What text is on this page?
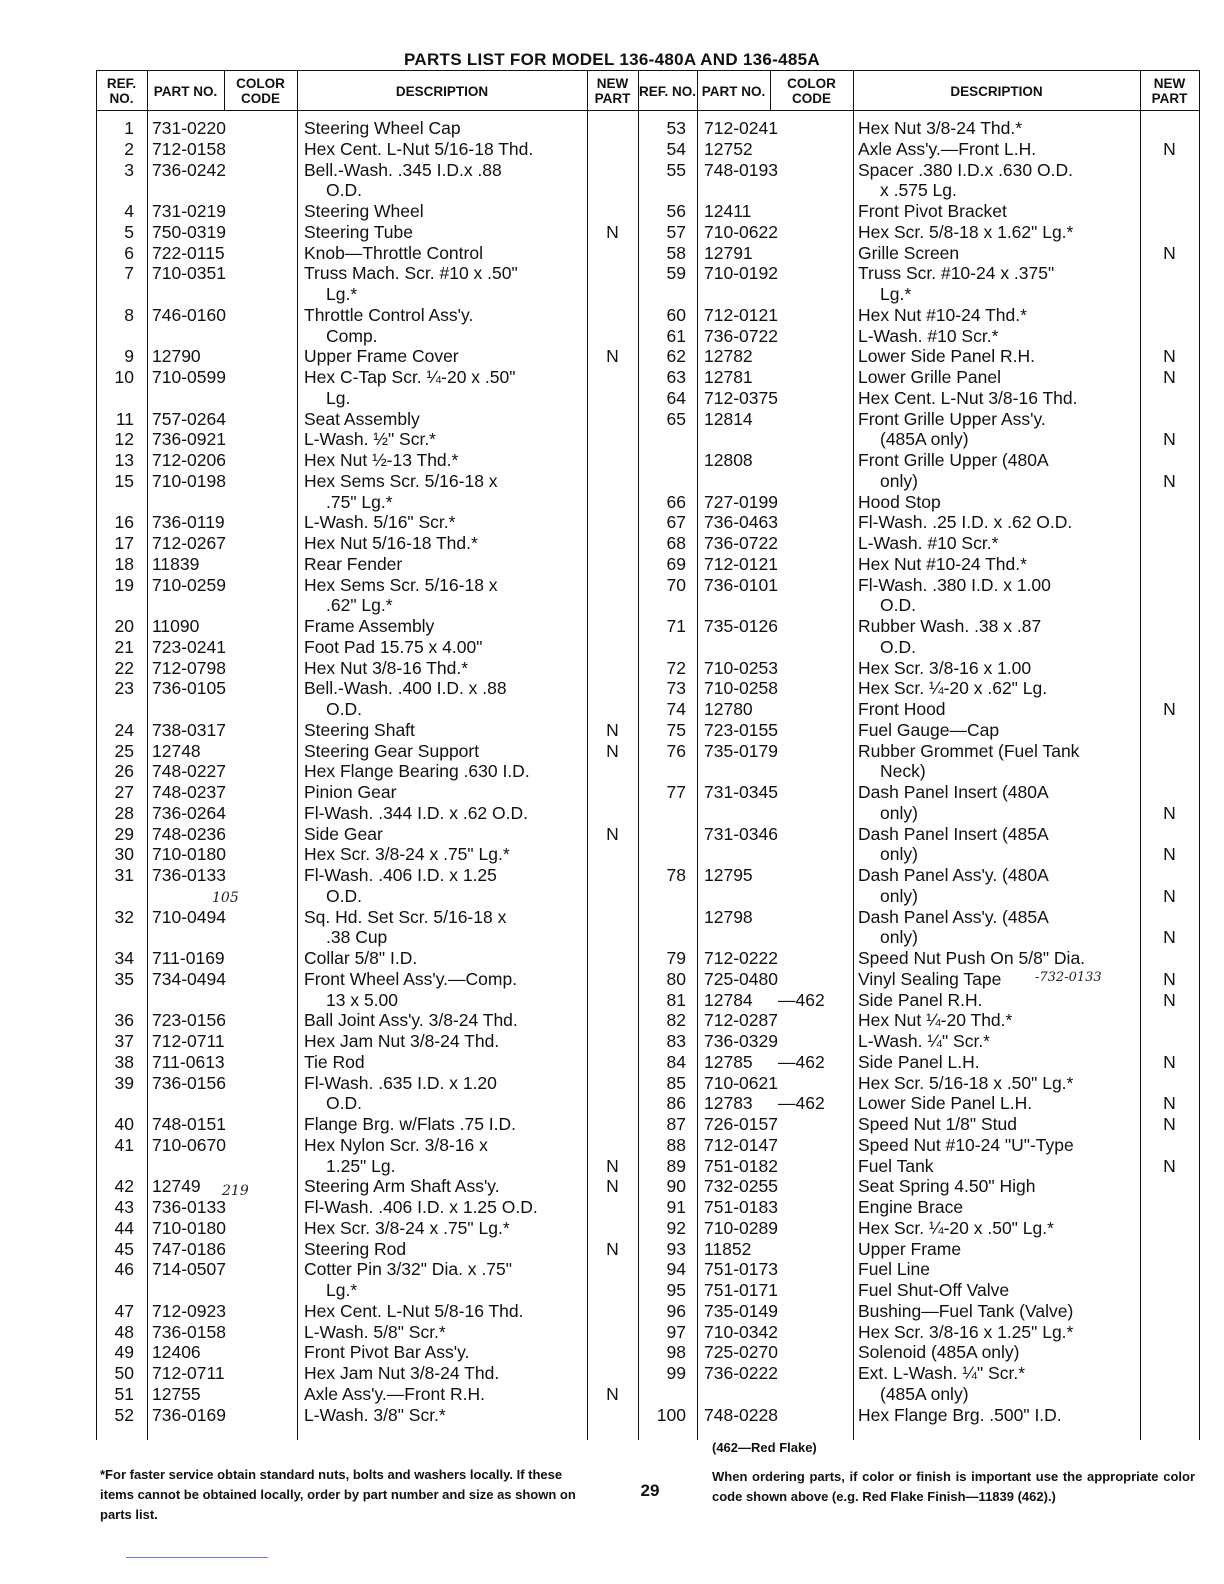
PARTS LIST FOR MODEL 136-480A AND 136-485A
REF. NO.	PART NO.	COLOR CODE	DESCRIPTION	NEW PART REF. NO. PART NO.	COLOR CODE	DESCRIPTION	NEW PART
1 731-0220	Steering Wheel Cap
2 712-0158	Hex Cent. L-Nut 5/16-18 Thd.
3 736-0242	Bell.-Wash. .345 I.D.x .88
O.D.
4 731-0219	Steering Wheel
5 750-0319	Steering Tube	N
6 722-0115	Knob—Throttle Control
7 710-0351	Truss Mach. Scr. #10 x .50"
Lg.*
8 746-0160	Throttle Control Ass'y.
Comp.
9 12790	Upper Frame Cover	N
10 710-0599	Hex C-Tap Scr. ¼-20 x .50"
Lg.
11 757-0264	Seat Assembly
12 736-0921	L-Wash. ½" Scr.*
13 712-0206	Hex Nut ½-13 Thd.*
15 710-0198	Hex Sems Scr. 5/16-18 x
.75" Lg.*
16 736-0119	L-Wash. 5/16" Scr.*
17 712-0267	Hex Nut 5/16-18 Thd.*
18 11839	Rear Fender
19 710-0259	Hex Sems Scr. 5/16-18 x
.62" Lg.*
20 11090	Frame Assembly
21 723-0241	Foot Pad 15.75 x 4.00"
22 712-0798	Hex Nut 3/8-16 Thd.*
23 736-0105	Bell.-Wash. .400 I.D. x .88
O.D.
24 738-0317	Steering Shaft	N
25 12748	Steering Gear Support	N
26 748-0227	Hex Flange Bearing .630 I.D.
27 748-0237	Pinion Gear
28 736-0264	Fl-Wash. .344 I.D. x .62 O.D.
29 748-0236	Side Gear	N
30 710-0180	Hex Scr. 3/8-24 x .75" Lg.*
31 736-0133	Fl-Wash. .406 I.D. x 1.25
O.D.
32 710-0494	Sq. Hd. Set Scr. 5/16-18 x
.38 Cup
34 711-0169	Collar 5/8" I.D.
35 734-0494	Front Wheel Ass'y.—Comp.
13 x 5.00
36 723-0156	Ball Joint Ass'y. 3/8-24 Thd.
37 712-0711	Hex Jam Nut 3/8-24 Thd.
38 711-0613	Tie Rod
39 736-0156	Fl-Wash. .635 I.D. x 1.20
O.D.
40 748-0151	Flange Brg. w/Flats .75 I.D.
41 710-0670	Hex Nylon Scr. 3/8-16 x
1.25" Lg.	N
42 12749	Steering Arm Shaft Ass'y.	N
43 736-0133	Fl-Wash. .406 I.D. x 1.25 O.D.
44 710-0180	Hex Scr. 3/8-24 x .75" Lg.*
45 747-0186	Steering Rod	N
46 714-0507	Cotter Pin 3/32" Dia. x .75"
Lg.*
47 712-0923	Hex Cent. L-Nut 5/8-16 Thd.
48 736-0158	L-Wash. 5/8" Scr.*
49 12406	Front Pivot Bar Ass'y.
50 712-0711	Hex Jam Nut 3/8-24 Thd.
51 12755	Axle Ass'y.—Front R.H.	N
52 736-0169	L-Wash. 3/8" Scr.*
53 712-0241	Hex Nut 3/8-24 Thd.*
54 12752	Axle Ass'y.—Front L.H.	N
55 748-0193	Spacer .380 I.D.x .630 O.D.
x .575 Lg.
56 12411	Front Pivot Bracket
57 710-0622	Hex Scr. 5/8-18 x 1.62" Lg.*
58 12791	Grille Screen	N
59 710-0192	Truss Scr. #10-24 x .375"
Lg.*
60 712-0121	Hex Nut #10-24 Thd.*
61 736-0722	L-Wash. #10 Scr.*
62 12782	Lower Side Panel R.H.	N
63 12781	Lower Grille Panel	N
64 712-0375	Hex Cent. L-Nut 3/8-16 Thd.
65 12814	Front Grille Upper Ass'y.
(485A only)	N
12808	Front Grille Upper (480A
only)	N
66 727-0199	Hood Stop
67 736-0463	Fl-Wash. .25 I.D. x .62 O.D.
68 736-0722	L-Wash. #10 Scr.*
69 712-0121	Hex Nut #10-24 Thd.*
70 736-0101	Fl-Wash. .380 I.D. x 1.00
O.D.
71 735-0126	Rubber Wash. .38 x .87
O.D.
72 710-0253	Hex Scr. 3/8-16 x 1.00
73 710-0258	Hex Scr. ¼-20 x .62" Lg.
74 12780	Front Hood	N
75 723-0155	Fuel Gauge—Cap
76 735-0179	Rubber Grommet (Fuel Tank
Neck)
77 731-0345	Dash Panel Insert (480A
only)	N
731-0346	Dash Panel Insert (485A
only)	N
78 12795	Dash Panel Ass'y. (480A
only)	N
12798	Dash Panel Ass'y. (485A
only)	N
79 712-0222	Speed Nut Push On 5/8" Dia.
80 725-0480	Vinyl Sealing Tape	N
81 12784 —462 Side Panel R.H.	N
82 712-0287	Hex Nut ¼-20 Thd.*
83 736-0329	L-Wash. ¼" Scr.*
84 12785 —462 Side Panel L.H.	N
85 710-0621	Hex Scr. 5/16-18 x .50" Lg.*
86 12783 —462 Lower Side Panel L.H.	N
87 726-0157	Speed Nut 1/8" Stud	N
88 712-0147	Speed Nut #10-24 "U"-Type
89 751-0182	Fuel Tank	N
90 732-0255	Seat Spring 4.50" High
91 751-0183	Engine Brace
92 710-0289	Hex Scr. ¼-20 x .50" Lg.*
93 11852	Upper Frame
94 751-0173	Fuel Line
95 751-0171	Fuel Shut-Off Valve
96 735-0149	Bushing—Fuel Tank (Valve)
97 710-0342	Hex Scr. 3/8-16 x 1.25" Lg.*
98 725-0270	Solenoid (485A only)
99 736-0222	Ext. L-Wash. ¼" Scr.*
(485A only)
100 748-0228	Hex Flange Brg. .500" I.D.
105
219
-732-0133
(462—Red Flake)
*For faster service obtain standard nuts, bolts and washers locally. If these items cannot be obtained locally, order by part number and size as shown on parts list.
29
When ordering parts, if color or finish is important use the appropriate color code shown above (e.g. Red Flake Finish—11839 (462).)
